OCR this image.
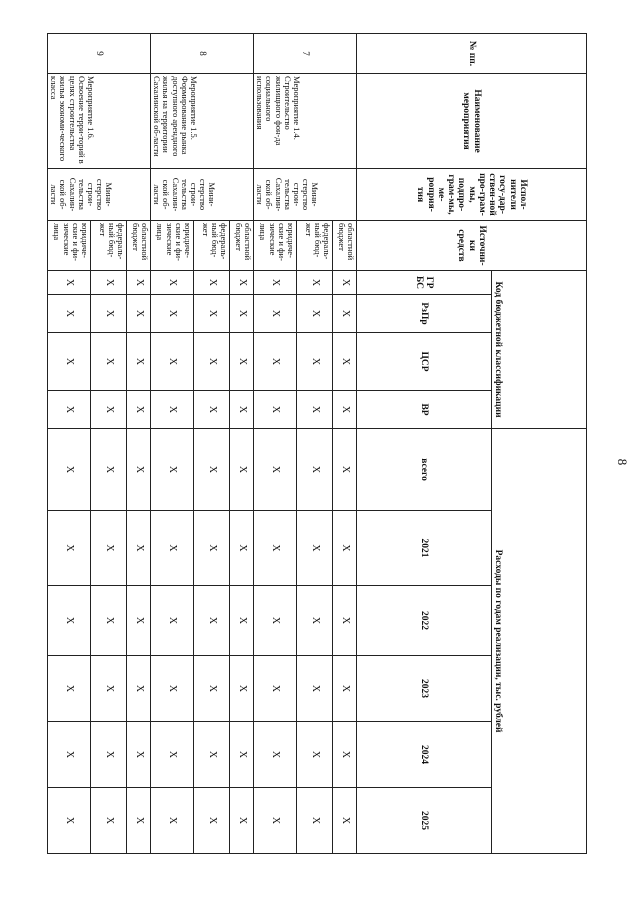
8
№ пп.	Наименование мероприятия	Испол-нители госу-дар-ствен-ной про-грам-мы, подпро-грам-мы, ме-роприя-тия	Источни-ки средств	Код бюджетной классификации				Расходы по годам реализации, тыс. рублей					
				ГР БС	РзПр	ЦСР	ВР	всего	2021	2022	2023	2024	2025
7	Мероприятие 1.4. Строительство жилищного фон-да социального использования	Мини-стерство строи-тельства Сахалин-ской об-ласти	областной бюджет	X	X	X	X	X	X	X	X	X	X
			федераль-ный бюд-жет	X	X	X	X	X	X	X	X	X	X
			юридиче-ские и фи-зические лица	X	X	X	X	X	X	X	X	X	X
8	Мероприятие 1.5. Формирование рынка доступного арендного жилья на территории Сахалинской об-ласти	Мини-стерство строи-тельства Сахалин-ской об-ласти	областной бюджет	X	X	X	X	X	X	X	X	X	X
			федераль-ный бюд-жет	X	X	X	X	X	X	X	X	X	X
			юридиче-ские и фи-зические лица	X	X	X	X	X	X	X	X	X	X
9	Мероприятие 1.6. Освоение терри-торий в целях строительства жилья экономи-ческого класса	Мини-стерство строи-тельства Сахалин-ской об-ласти	областной бюджет	X	X	X	X	X	X	X	X	X	X
			федераль-ный бюд-жет	X	X	X	X	X	X	X	X	X	X
			юридиче-ские и фи-зические лица	X	X	X	X	X	X	X	X	X	X
